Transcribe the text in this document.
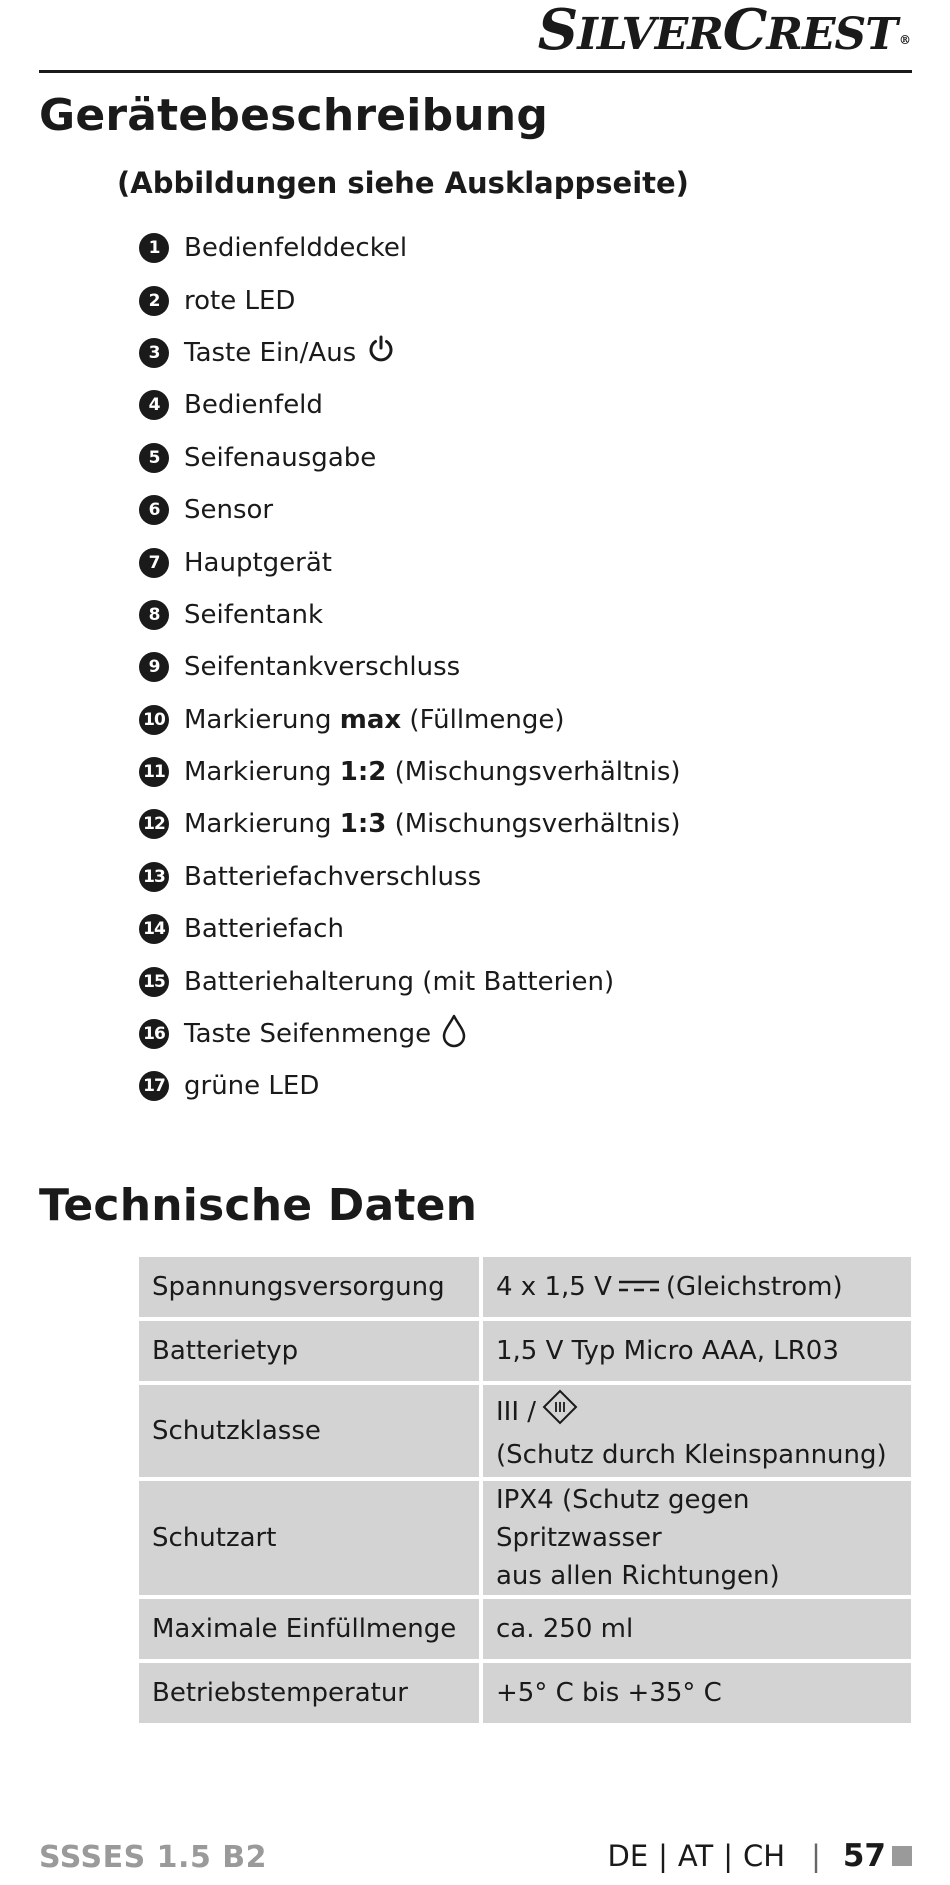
SILVERCREST ®
Gerätebeschreibung
(Abbildungen siehe Ausklappseite)
1 Bedienfelddeckel
2 rote LED
3 Taste Ein/Aus
4 Bedienfeld
5 Seifenausgabe
6 Sensor
7 Hauptgerät
8 Seifentank
9 Seifentankverschluss
10 Markierung max (Füllmenge)
11 Markierung 1:2 (Mischungsverhältnis)
12 Markierung 1:3 (Mischungsverhältnis)
13 Batteriefachverschluss
14 Batteriefach
15 Batteriehalterung (mit Batterien)
16 Taste Seifenmenge
17 grüne LED
Technische Daten
Spannungsversorgung	4 x 1,5 V (Gleichstrom)
Batterietyp	1,5 V Typ Micro AAA, LR03
Schutzklasse	III /
(Schutz durch Kleinspannung)
Schutzart	IPX4 (Schutz gegen Spritzwasser
aus allen Richtungen)
Maximale Einfüllmenge	ca. 250 ml
Betriebstemperatur	+5° C bis +35° C
SSSES 1.5 B2	DE | AT | CH | 57
